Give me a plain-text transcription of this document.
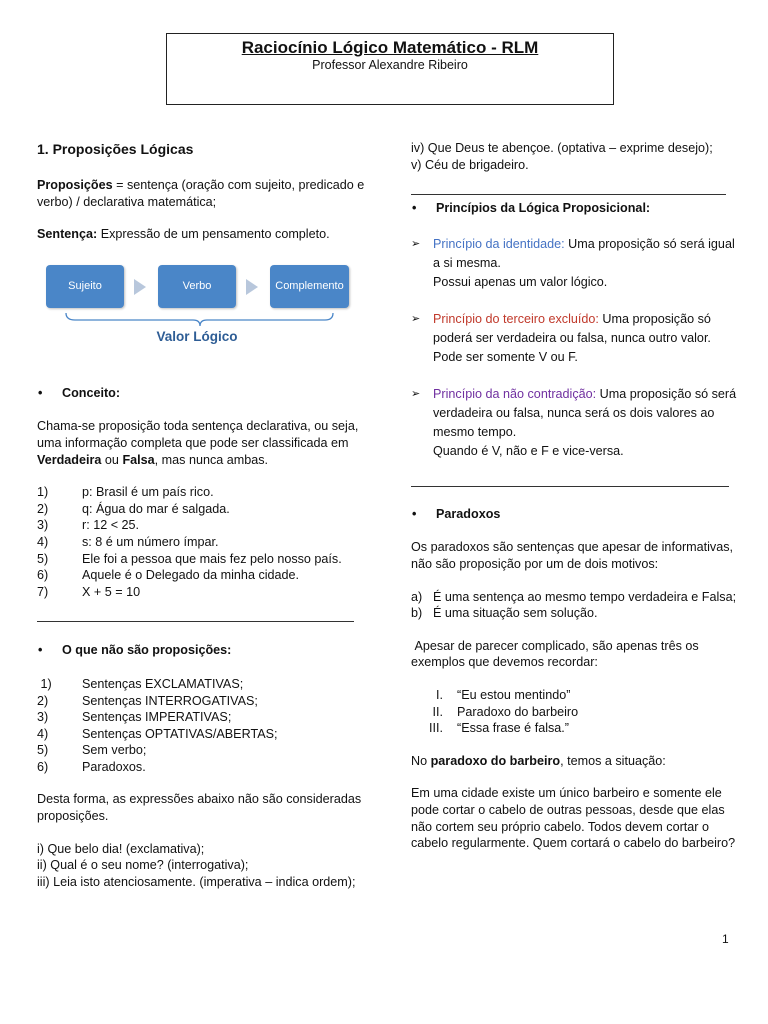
Raciocínio Lógico Matemático - RLM
Professor Alexandre Ribeiro

1. Proposições Lógicas

Proposições = sentença (oração com sujeito, predicado e verbo) / declarativa matemática;

Sentença: Expressão de um pensamento completo.

Sujeito	Verbo	Complemento
Valor Lógico
•	Conceito:

Chama-se proposição toda sentença declarativa, ou seja, uma informação completa que pode ser classificada em Verdadeira ou Falsa, mas nunca ambas.

1)	p: Brasil é um país rico.
2)	q: Água do mar é salgada.
3)	r: 12 < 25.
4)	s: 8 é um número ímpar.
5)	Ele foi a pessoa que mais fez pelo nosso país.
6)	Aquele é o Delegado da minha cidade.
7)	X + 5 = 10
•	O que não são proposições:
1)	Sentenças EXCLAMATIVAS;
2)	Sentenças INTERROGATIVAS;
3)	Sentenças IMPERATIVAS;
4)	Sentenças OPTATIVAS/ABERTAS;
5)	Sem verbo;
6)	Paradoxos.

Desta forma, as expressões abaixo não são consideradas proposições.

i) Que belo dia! (exclamativa);

ii) Qual é o seu nome? (interrogativa);

iii) Leia isto atenciosamente. (imperativa – indica ordem);

iv) Que Deus te abençoe. (optativa – exprime desejo);

v) Céu de brigadeiro.

•	Princípios da Lógica Proposicional:
➢	Princípio da identidade: Uma proposição só será igual a si mesma.

Possui apenas um valor lógico.

➢	Princípio do terceiro excluído: Uma proposição só poderá ser verdadeira ou falsa, nunca outro valor.

Pode ser somente V ou F.

➢	Princípio da não contradição: Uma proposição só será verdadeira ou falsa, nunca será os dois valores ao mesmo tempo.

Quando é V, não e F e vice-versa.

•	Paradoxos

Os paradoxos são sentenças que apesar de informativas, não são proposição por um de dois motivos:

a) É uma sentença ao mesmo tempo verdadeira e Falsa;
b) É uma situação sem solução.

Apesar de parecer complicado, são apenas três os exemplos que devemos recordar:

I.	“Eu estou mentindo”
II.	Paradoxo do barbeiro
III.	“Essa frase é falsa.”

No paradoxo do barbeiro, temos a situação:

Em uma cidade existe um único barbeiro e somente ele pode cortar o cabelo de outras pessoas, desde que elas não cortem seu próprio cabelo. Todos devem cortar o cabelo regularmente. Quem cortará o cabelo do barbeiro?

1
